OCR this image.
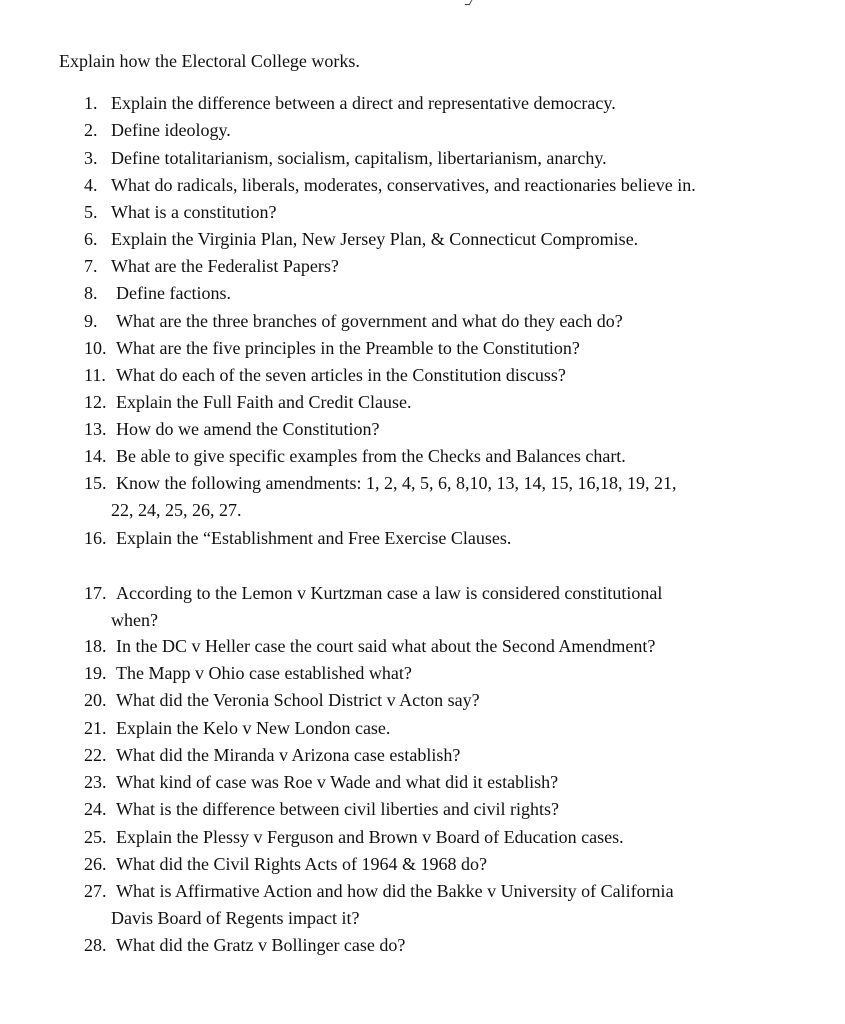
Explain how the Electoral College works.
1. Explain the difference between a direct and representative democracy.
2. Define ideology.
3. Define totalitarianism, socialism, capitalism, libertarianism, anarchy.
4. What do radicals, liberals, moderates, conservatives, and reactionaries believe in.
5. What is a constitution?
6. Explain the Virginia Plan, New Jersey Plan, & Connecticut Compromise.
7. What are the Federalist Papers?
8. Define factions.
9. What are the three branches of government and what do they each do?
10. What are the five principles in the Preamble to the Constitution?
11. What do each of the seven articles in the Constitution discuss?
12. Explain the Full Faith and Credit Clause.
13. How do we amend the Constitution?
14. Be able to give specific examples from the Checks and Balances chart.
15. Know the following amendments: 1, 2, 4, 5, 6, 8,10, 13, 14, 15, 16,18, 19, 21,
22, 24, 25, 26, 27.
16. Explain the “Establishment and Free Exercise Clauses.
17. According to the Lemon v Kurtzman case a law is considered constitutional
when?
18. In the DC v Heller case the court said what about the Second Amendment?
19. The Mapp v Ohio case established what?
20. What did the Veronia School District v Acton say?
21. Explain the Kelo v New London case.
22. What did the Miranda v Arizona case establish?
23. What kind of case was Roe v Wade and what did it establish?
24. What is the difference between civil liberties and civil rights?
25. Explain the Plessy v Ferguson and Brown v Board of Education cases.
26. What did the Civil Rights Acts of 1964 & 1968 do?
27. What is Affirmative Action and how did the Bakke v University of California
Davis Board of Regents impact it?
28. What did the Gratz v Bollinger case do?
